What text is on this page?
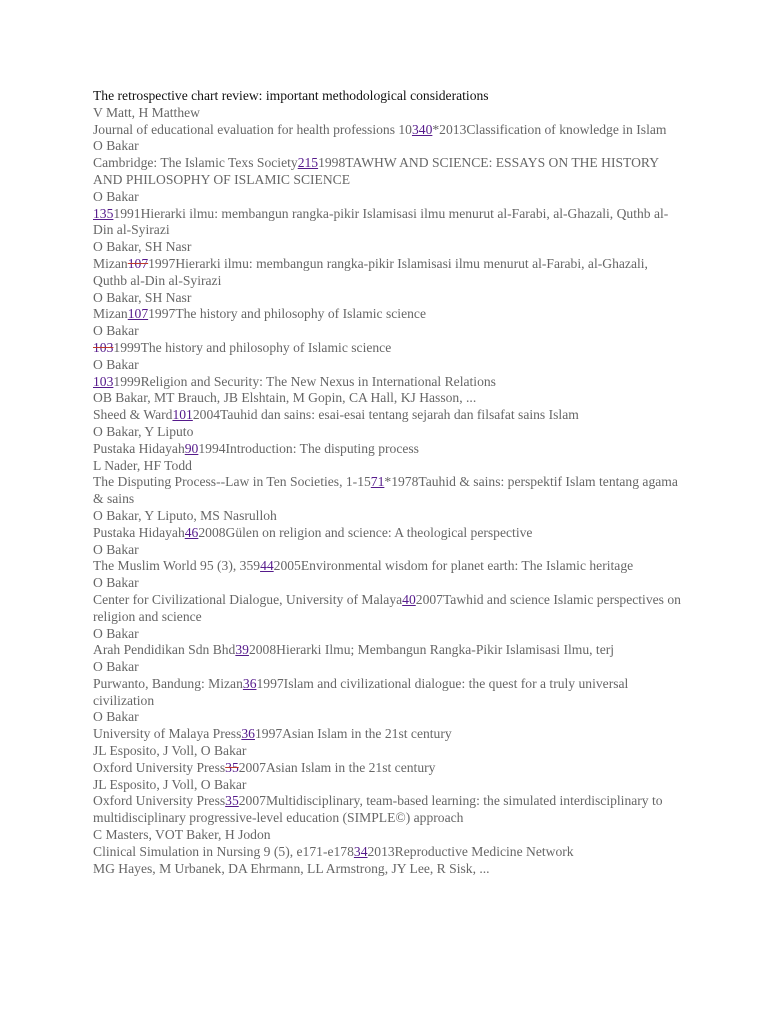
The retrospective chart review: important methodological considerations
V Matt, H Matthew
Journal of educational evaluation for health professions 10340*2013Classification of knowledge in Islam
O Bakar
Cambridge: The Islamic Texs Society2151998TAWHW AND SCIENCE: ESSAYS ON THE HISTORY AND PHILOSOPHY OF ISLAMIC SCIENCE
O Bakar
1351991Hierarki ilmu: membangun rangka-pikir Islamisasi ilmu menurut al-Farabi, al-Ghazali, Quthb al-Din al-Syirazi
O Bakar, SH Nasr
Mizan1071997Hierarki ilmu: membangun rangka-pikir Islamisasi ilmu menurut al-Farabi, al-Ghazali, Quthb al-Din al-Syirazi
O Bakar, SH Nasr
Mizan1071997The history and philosophy of Islamic science
O Bakar
1031999The history and philosophy of Islamic science
O Bakar
1031999Religion and Security: The New Nexus in International Relations
OB Bakar, MT Brauch, JB Elshtain, M Gopin, CA Hall, KJ Hasson, ...
Sheed & Ward1012004Tauhid dan sains: esai-esai tentang sejarah dan filsafat sains Islam
O Bakar, Y Liputo
Pustaka Hidayah901994Introduction: The disputing process
L Nader, HF Todd
The Disputing Process--Law in Ten Societies, 1-1571*1978Tauhid & sains: perspektif Islam tentang agama & sains
O Bakar, Y Liputo, MS Nasrulloh
Pustaka Hidayah462008Gülen on religion and science: A theological perspective
O Bakar
The Muslim World 95 (3), 359442005Environmental wisdom for planet earth: The Islamic heritage
O Bakar
Center for Civilizational Dialogue, University of Malaya402007Tawhid and science Islamic perspectives on religion and science
O Bakar
Arah Pendidikan Sdn Bhd392008Hierarki Ilmu; Membangun Rangka-Pikir Islamisasi Ilmu, terj
O Bakar
Purwanto, Bandung: Mizan361997Islam and civilizational dialogue: the quest for a truly universal civilization
O Bakar
University of Malaya Press361997Asian Islam in the 21st century
JL Esposito, J Voll, O Bakar
Oxford University Press352007Asian Islam in the 21st century
JL Esposito, J Voll, O Bakar
Oxford University Press352007Multidisciplinary, team-based learning: the simulated interdisciplinary to multidisciplinary progressive-level education (SIMPLE©) approach
C Masters, VOT Baker, H Jodon
Clinical Simulation in Nursing 9 (5), e171-e178342013Reproductive Medicine Network
MG Hayes, M Urbanek, DA Ehrmann, LL Armstrong, JY Lee, R Sisk, ...
